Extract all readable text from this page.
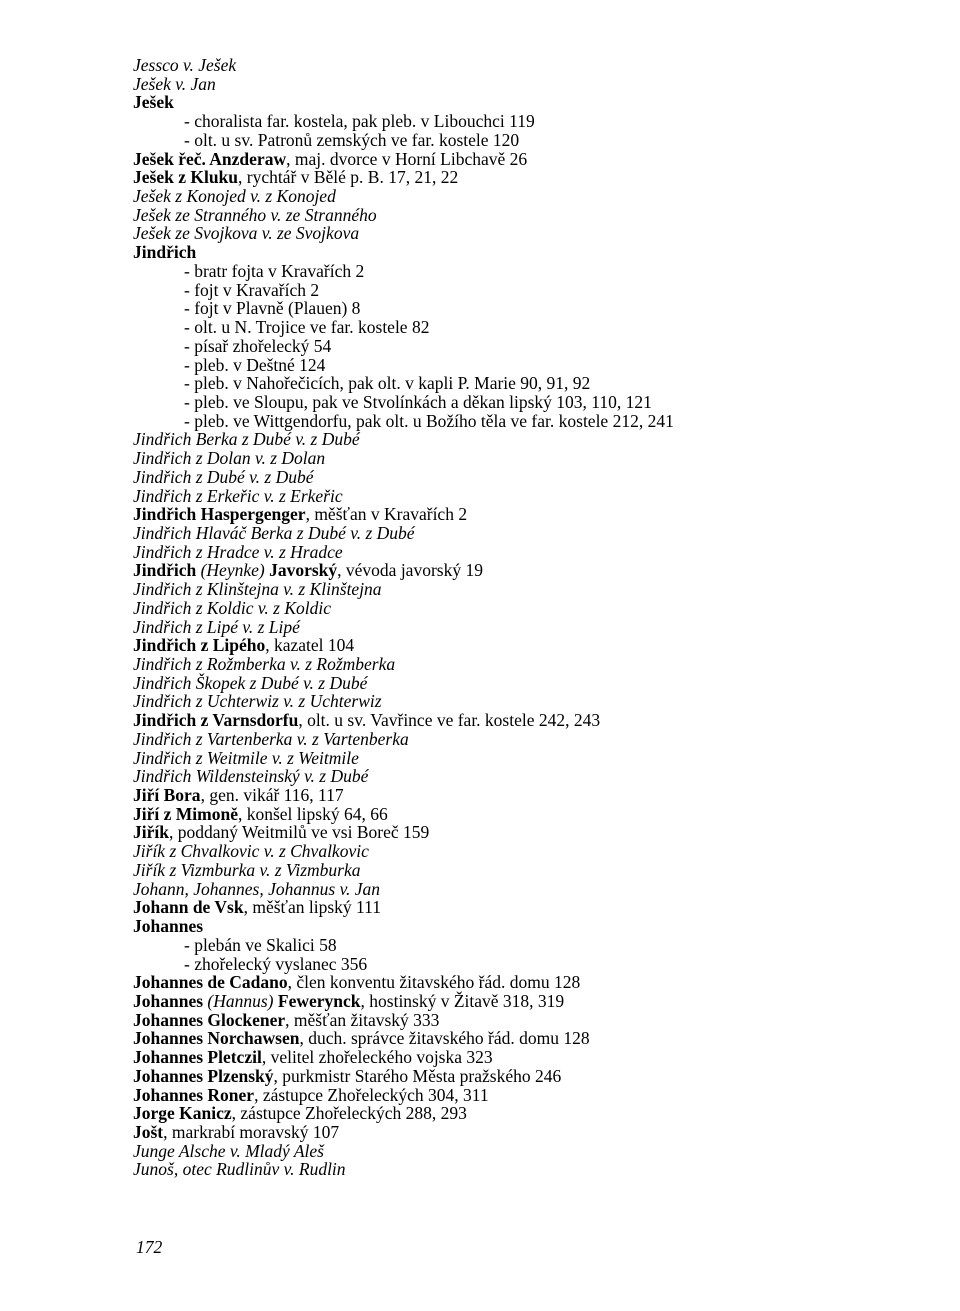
Jessco v. Ješek
Ješek v. Jan
Ješek
- choralista far. kostela, pak pleb. v Libouchci 119
- olt. u sv. Patronů zemských ve far. kostele 120
Ješek řeč. Anzderaw, maj. dvorce v Horní Libchavě 26
Ješek z Kluku, rychtář v Bělé p. B. 17, 21, 22
Ješek z Konojed v. z Konojed
Ješek ze Stranného v. ze Stranného
Ješek ze Svojkova v. ze Svojkova
Jindřich
- bratr fojta v Kravařích 2
- fojt v Kravařích 2
- fojt v Plavně (Plauen) 8
- olt. u N. Trojice ve far. kostele 82
- písař zhořelecký 54
- pleb. v Deštné 124
- pleb. v Nahořečicích, pak olt. v kapli P. Marie 90, 91, 92
- pleb. ve Sloupu, pak ve Stvolínkách a děkan lipský 103, 110, 121
- pleb. ve Wittgendorfu, pak olt. u Božího těla ve far. kostele 212, 241
Jindřich Berka z Dubé v. z Dubé
Jindřich z Dolan v. z Dolan
Jindřich z Dubé v. z Dubé
Jindřich z Erkeřic v. z Erkeřic
Jindřich Haspergenger, měšťan v Kravařích 2
Jindřich Hlaváč Berka z Dubé v. z Dubé
Jindřich z Hradce v. z Hradce
Jindřich (Heynke) Javorský, vévoda javorský 19
Jindřich z Klinštejna v. z Klinštejna
Jindřich z Koldic v. z Koldic
Jindřich z Lipé v. z Lipé
Jindřich z Lipého, kazatel 104
Jindřich z Rožmberka v. z Rožmberka
Jindřich Škopek z Dubé v. z Dubé
Jindřich z Uchterwiz v. z Uchterwiz
Jindřich z Varnsdorfu, olt. u sv. Vavřince ve far. kostele 242, 243
Jindřich z Vartenberka v. z Vartenberka
Jindřich z Weitmile v. z Weitmile
Jindřich Wildensteinský v. z Dubé
Jiří Bora, gen. vikář 116, 117
Jiří z Mimoně, konšel lipský 64, 66
Jiřík, poddaný Weitmilů ve vsi Boreč 159
Jiřík z Chvalkovic v. z Chvalkovic
Jiřík z Vizmburka v. z Vizmburka
Johann, Johannes, Johannus v. Jan
Johann de Vsk, měšťan lipský 111
Johannes
- plebán ve Skalici 58
- zhořelecký vyslanec 356
Johannes de Cadano, člen konventu žitavského řád. domu 128
Johannes (Hannus) Fewerynck, hostinský v Žitavě 318, 319
Johannes Glockener, měšťan žitavský 333
Johannes Norchawsen, duch. správce žitavského řád. domu 128
Johannes Pletczil, velitel zhořeleckého vojska 323
Johannes Plzenský, purkmistr Starého Města pražského 246
Johannes Roner, zástupce Zhořeleckých 304, 311
Jorge Kanicz, zástupce Zhořeleckých 288, 293
Jošt, markrabí moravský 107
Junge Alsche v. Mladý Aleš
Junoš, otec Rudlinův v. Rudlin
172
